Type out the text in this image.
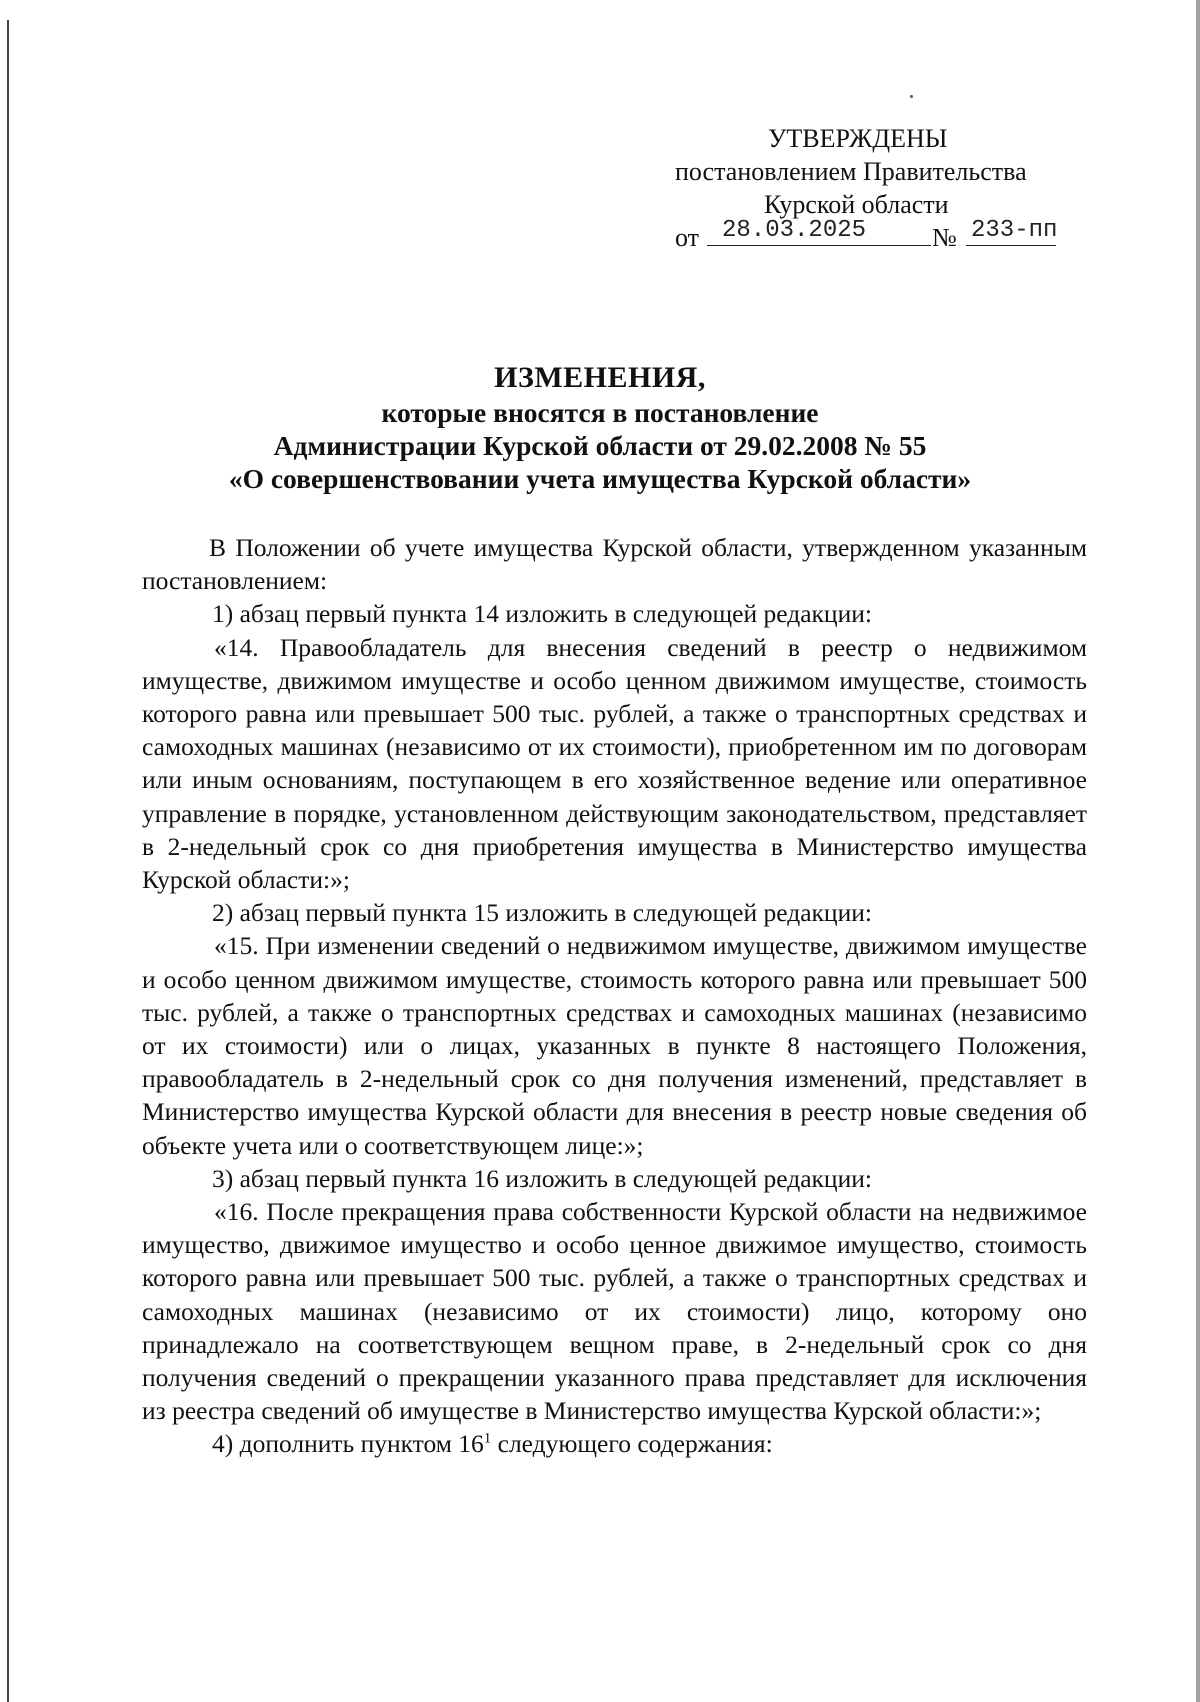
УТВЕРЖДЕНЫ
постановлением Правительства
Курской области
от 28.03.2025	№ 233-пп
ИЗМЕНЕНИЯ,
которые вносятся в постановление
Администрации Курской области от 29.02.2008 № 55
«О совершенствовании учета имущества Курской области»

В Положении об учете имущества Курской области, утвержденном указанным постановлением:

1) абзац первый пункта 14 изложить в следующей редакции:

«14. Правообладатель для внесения сведений в реестр о недвижимом имуществе, движимом имуществе и особо ценном движимом имуществе, стоимость которого равна или превышает 500 тыс. рублей, а также о транспортных средствах и самоходных машинах (независимо от их стоимости), приобретенном им по договорам или иным основаниям, поступающем в его хозяйственное ведение или оперативное управление в порядке, установленном действующим законодательством, представляет в 2-недельный срок со дня приобретения имущества в Министерство имущества Курской области:»;

2) абзац первый пункта 15 изложить в следующей редакции:

«15. При изменении сведений о недвижимом имуществе, движимом имуществе и особо ценном движимом имуществе, стоимость которого равна или превышает 500 тыс. рублей, а также о транспортных средствах и самоходных машинах (независимо от их стоимости) или о лицах, указанных в пункте 8 настоящего Положения, правообладатель в 2-недельный срок со дня получения изменений, представляет в Министерство имущества Курской области для внесения в реестр новые сведения об объекте учета или о соответствующем лице:»;

3) абзац первый пункта 16 изложить в следующей редакции:

«16. После прекращения права собственности Курской области на недвижимое имущество, движимое имущество и особо ценное движимое имущество, стоимость которого равна или превышает 500 тыс. рублей, а также о транспортных средствах и самоходных машинах (независимо от их стоимости) лицо, которому оно принадлежало на соответствующем вещном праве, в 2-недельный срок со дня получения сведений о прекращении указанного права представляет для исключения из реестра сведений об имуществе в Министерство имущества Курской области:»;

4) дополнить пунктом $16^1$ следующего содержания:
